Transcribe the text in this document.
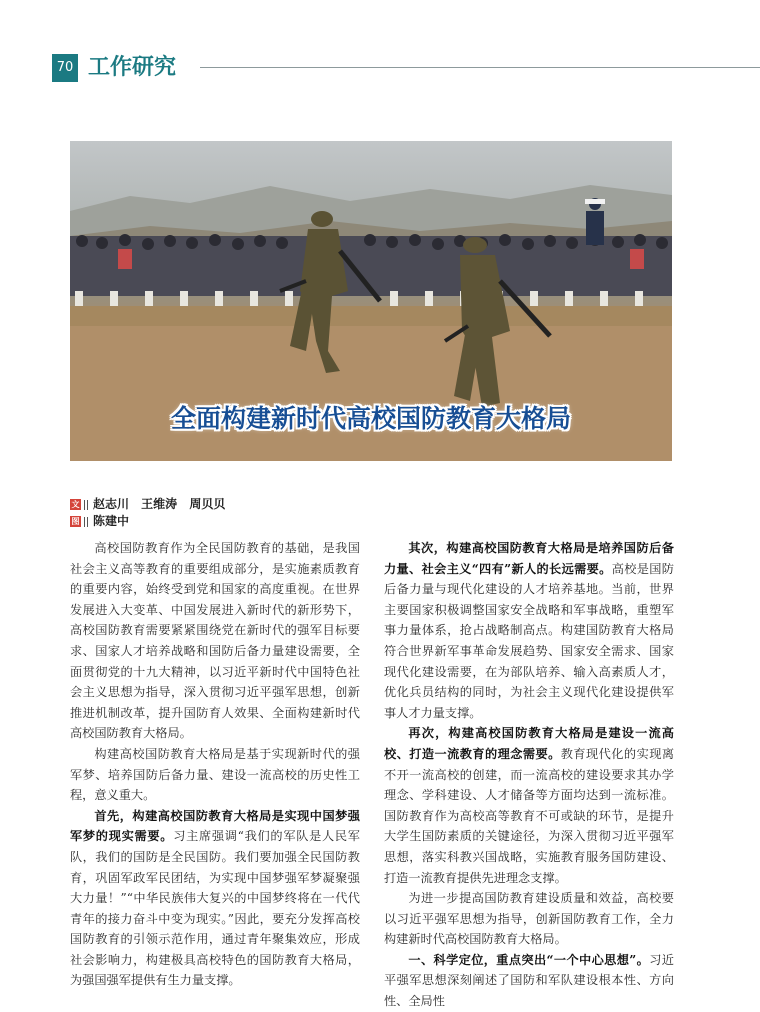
70 工作研究
全面构建新时代高校国防教育大格局
文 赵志川 王维涛 周贝贝
图 陈建中

高校国防教育作为全民国防教育的基础，是我国社会主义高等教育的重要组成部分，是实施素质教育的重要内容，始终受到党和国家的高度重视。在世界发展进入大变革、中国发展进入新时代的新形势下，高校国防教育需要紧紧围绕党在新时代的强军目标要求、国家人才培养战略和国防后备力量建设需要，全面贯彻党的十九大精神，以习近平新时代中国特色社会主义思想为指导，深入贯彻习近平强军思想，创新推进机制改革，提升国防育人效果、全面构建新时代高校国防教育大格局。

构建高校国防教育大格局是基于实现新时代的强军梦、培养国防后备力量、建设一流高校的历史性工程，意义重大。

首先，构建高校国防教育大格局是实现中国梦强军梦的现实需要。习主席强调“我们的军队是人民军队，我们的国防是全民国防。我们要加强全民国防教育，巩固军政军民团结，为实现中国梦强军梦凝聚强大力量！”“中华民族伟大复兴的中国梦终将在一代代青年的接力奋斗中变为现实。”因此，要充分发挥高校国防教育的引领示范作用，通过青年聚集效应，形成社会影响力，构建极具高校特色的国防教育大格局，为强国强军提供有生力量支撑。

其次，构建高校国防教育大格局是培养国防后备力量、社会主义“四有”新人的长远需要。高校是国防后备力量与现代化建设的人才培养基地。当前，世界主要国家积极调整国家安全战略和军事战略，重塑军事力量体系，抢占战略制高点。构建国防教育大格局符合世界新军事革命发展趋势、国家安全需求、国家现代化建设需要，在为部队培养、输入高素质人才，优化兵员结构的同时，为社会主义现代化建设提供军事人才力量支撑。

再次，构建高校国防教育大格局是建设一流高校、打造一流教育的理念需要。教育现代化的实现离不开一流高校的创建，而一流高校的建设要求其办学理念、学科建设、人才储备等方面均达到一流标准。国防教育作为高校高等教育不可或缺的环节，是提升大学生国防素质的关键途径，为深入贯彻习近平强军思想，落实科教兴国战略，实施教育服务国防建设、打造一流教育提供先进理念支撑。

为进一步提高国防教育建设质量和效益，高校要以习近平强军思想为指导，创新国防教育工作，全力构建新时代高校国防教育大格局。

一、科学定位，重点突出“一个中心思想”。习近平强军思想深刻阐述了国防和军队建设根本性、方向性、全局性
